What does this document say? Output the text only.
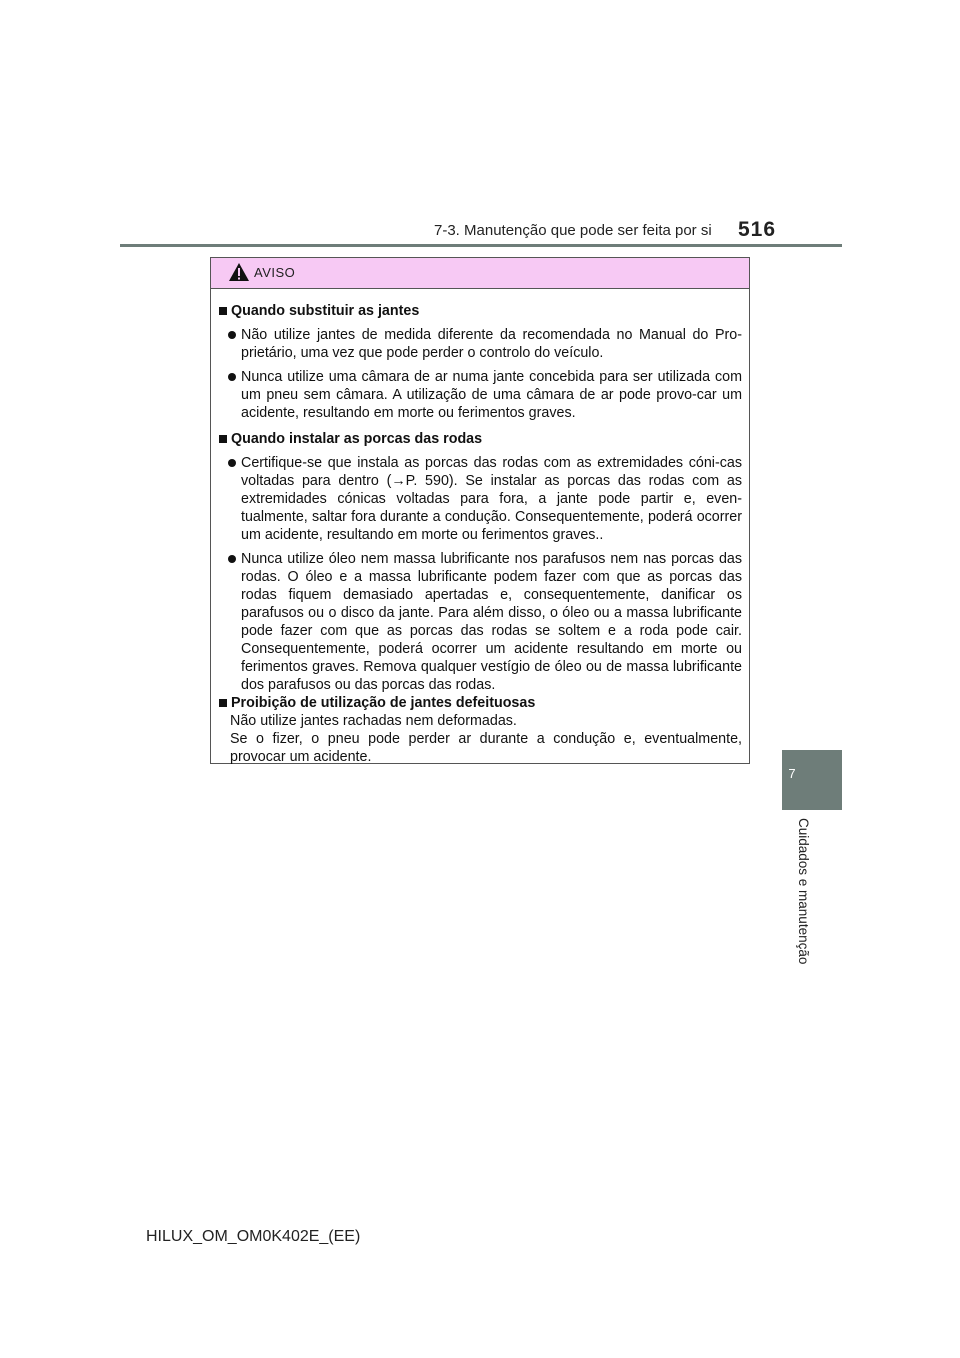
7-3. Manutenção que pode ser feita por si 516
7
Cuidados e manutenção
AVISO
Quando substituir as jantes
Não utilize jantes de medida diferente da recomendada no Manual do Pro-prietário, uma vez que pode perder o controlo do veículo.
Nunca utilize uma câmara de ar numa jante concebida para ser utilizada com um pneu sem câmara. A utilização de uma câmara de ar pode provo-car um acidente, resultando em morte ou ferimentos graves.
Quando instalar as porcas das rodas
Certifique-se que instala as porcas das rodas com as extremidades cóni-cas voltadas para dentro (→P. 590). Se instalar as porcas das rodas com as extremidades cónicas voltadas para fora, a jante pode partir e, even-tualmente, saltar fora durante a condução. Consequentemente, poderá ocorrer um acidente, resultando em morte ou ferimentos graves..
Nunca utilize óleo nem massa lubrificante nos parafusos nem nas porcas das rodas. O óleo e a massa lubrificante podem fazer com que as porcas das rodas fiquem demasiado apertadas e, consequentemente, danificar os parafusos ou o disco da jante. Para além disso, o óleo ou a massa lubrificante pode fazer com que as porcas das rodas se soltem e a roda pode cair. Consequentemente, poderá ocorrer um acidente resultando em morte ou ferimentos graves. Remova qualquer vestígio de óleo ou de massa lubrificante dos parafusos ou das porcas das rodas.
Proibição de utilização de jantes defeituosas
Não utilize jantes rachadas nem deformadas.
Se o fizer, o pneu pode perder ar durante a condução e, eventualmente, provocar um acidente.
HILUX_OM_OM0K402E_(EE)
